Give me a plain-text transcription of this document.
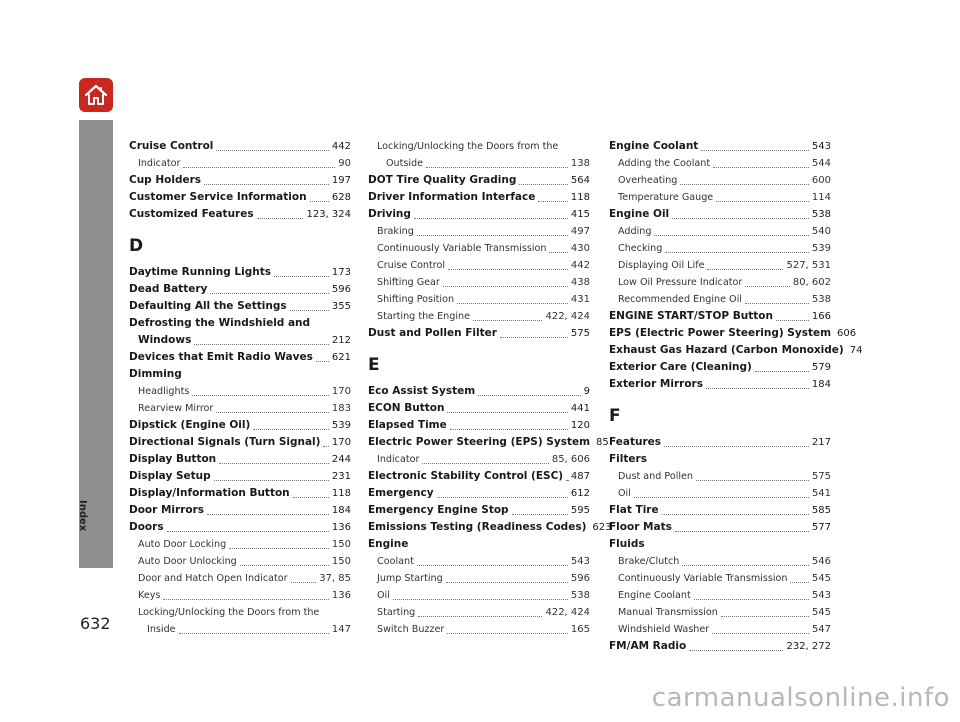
Index
632
Cruise Control	442
Indicator	90
Cup Holders	197
Customer Service Information	628
Customized Features	123, 324
D
Daytime Running Lights	173
Dead Battery	596
Defaulting All the Settings	355
Defrosting the Windshield and
Windows	212
Devices that Emit Radio Waves 621
Dimming
Headlights	170
Rearview Mirror	183
Dipstick (Engine Oil)	539
Directional Signals (Turn Signal) 170
Display Button	244
Display Setup	231
Display/Information Button	118
Door Mirrors	184
Doors	136
Auto Door Locking	150
Auto Door Unlocking	150
Door and Hatch Open Indicator	37, 85
Keys	136
Locking/Unlocking the Doors from the
Inside	147
Locking/Unlocking the Doors from the
Outside	138
DOT Tire Quality Grading	564
Driver Information Interface	118
Driving	415
Braking	497
Continuously Variable Transmission 430
Cruise Control	442
Shifting Gear	438
Shifting Position	431
Starting the Engine	422, 424
Dust and Pollen Filter	575
E
Eco Assist System	9
ECON Button	441
Elapsed Time	120
Electric Power Steering (EPS) System 85
Indicator	85, 606
Electronic Stability Control (ESC) 487
Emergency	612
Emergency Engine Stop	595
Emissions Testing (Readiness Codes) 623
Engine
Coolant	543
Jump Starting	596
Oil	538
Starting	422, 424
Switch Buzzer	165
Engine Coolant	543
Adding the Coolant	544
Overheating	600
Temperature Gauge	114
Engine Oil	538
Adding	540
Checking	539
Displaying Oil Life	527, 531
Low Oil Pressure Indicator	80, 602
Recommended Engine Oil	538
ENGINE START/STOP Button	166
EPS (Electric Power Steering) System 606
Exhaust Gas Hazard (Carbon Monoxide) 74
Exterior Care (Cleaning)	579
Exterior Mirrors	184
F
Features	217
Filters
Dust and Pollen	575
Oil	541
Flat Tire	585
Floor Mats	577
Fluids
Brake/Clutch	546
Continuously Variable Transmission 545
Engine Coolant	543
Manual Transmission	545
Windshield Washer	547
FM/AM Radio	232, 272
carmanualsonline.info
